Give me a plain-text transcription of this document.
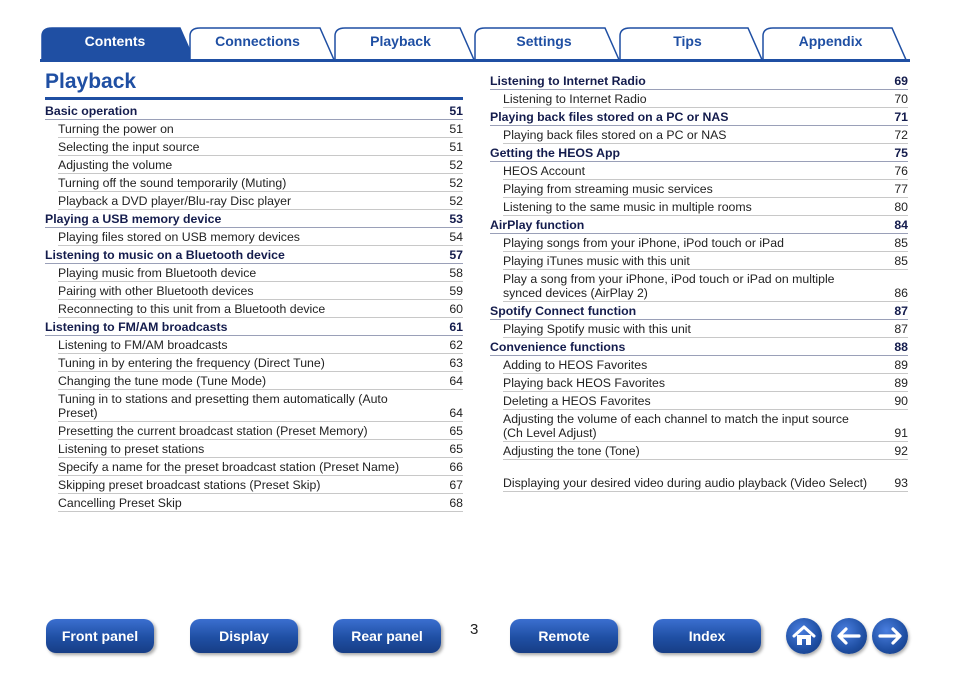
Contents	Connections	Playback	Settings	Tips	Appendix
Playback
Basic operation	51
Turning the power on	51
Selecting the input source	51
Adjusting the volume	52
Turning off the sound temporarily (Muting)	52
Playback a DVD player/Blu-ray Disc player	52
Playing a USB memory device	53
Playing files stored on USB memory devices	54
Listening to music on a Bluetooth device	57
Playing music from Bluetooth device	58
Pairing with other Bluetooth devices	59
Reconnecting to this unit from a Bluetooth device	60
Listening to FM/AM broadcasts	61
Listening to FM/AM broadcasts	62
Tuning in by entering the frequency (Direct Tune)	63
Changing the tune mode (Tune Mode)	64
Tuning in to stations and presetting them automatically (Auto Preset)	64
Presetting the current broadcast station (Preset Memory)	65
Listening to preset stations	65
Specify a name for the preset broadcast station (Preset Name)	66
Skipping preset broadcast stations (Preset Skip)	67
Cancelling Preset Skip	68
Listening to Internet Radio	69
Listening to Internet Radio	70
Playing back files stored on a PC or NAS	71
Playing back files stored on a PC or NAS	72
Getting the HEOS App	75
HEOS Account	76
Playing from streaming music services	77
Listening to the same music in multiple rooms	80
AirPlay function	84
Playing songs from your iPhone, iPod touch or iPad	85
Playing iTunes music with this unit	85
Play a song from your iPhone, iPod touch or iPad on multiple synced devices (AirPlay 2)	86
Spotify Connect function	87
Playing Spotify music with this unit	87
Convenience functions	88
Adding to HEOS Favorites	89
Playing back HEOS Favorites	89
Deleting a HEOS Favorites	90
Adjusting the volume of each channel to match the input source (Ch Level Adjust)	91
Adjusting the tone (Tone)	92
Displaying your desired video during audio playback (Video Select)	93
Front panel	Display	Rear panel	3	Remote	Index
